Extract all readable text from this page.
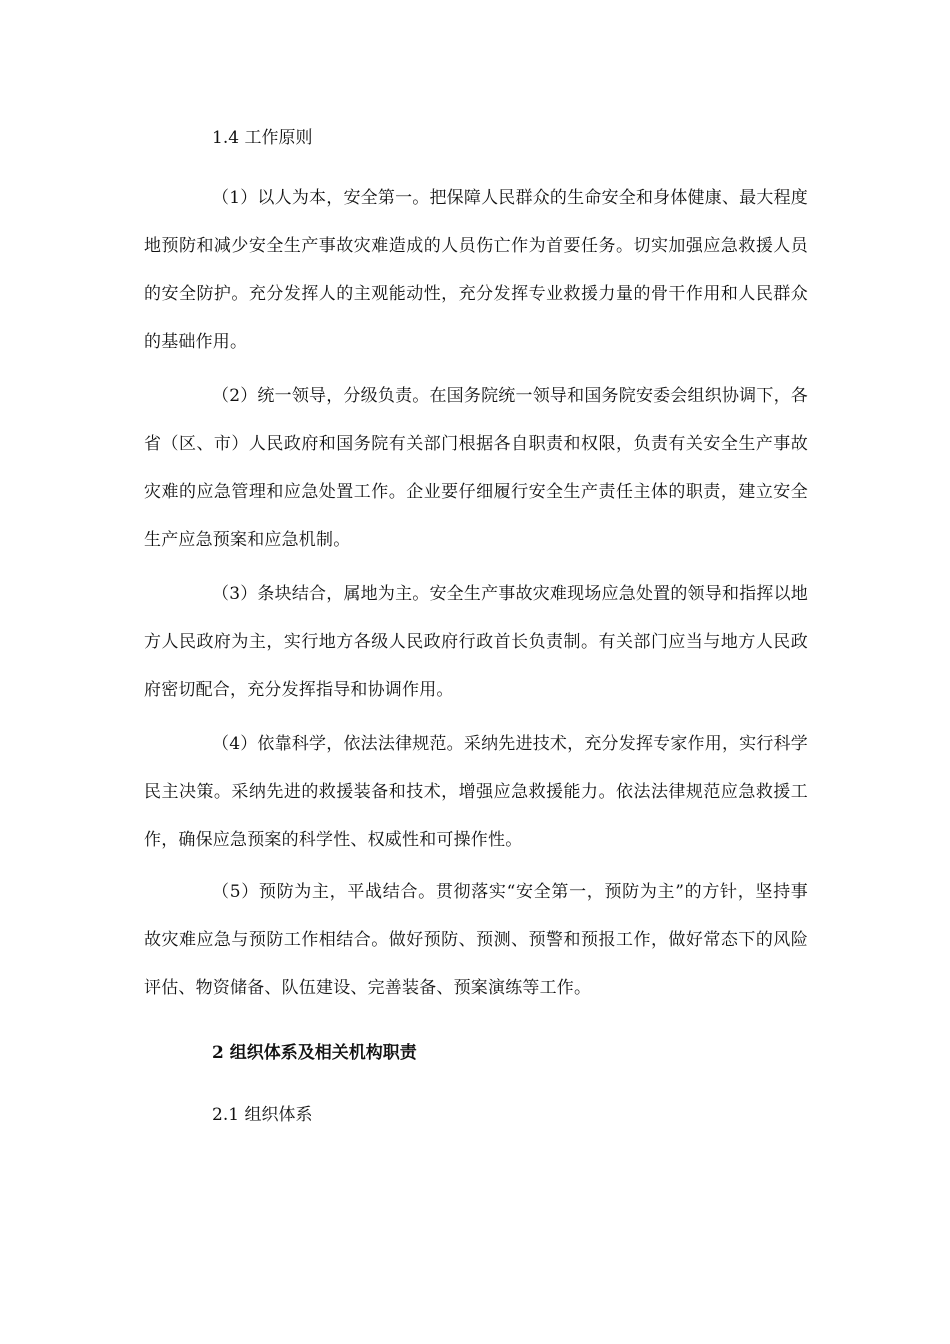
1.4 工作原则
（1）以人为本，安全第一。把保障人民群众的生命安全和身体健康、最大程度地预防和减少安全生产事故灾难造成的人员伤亡作为首要任务。切实加强应急救援人员的安全防护。充分发挥人的主观能动性，充分发挥专业救援力量的骨干作用和人民群众的基础作用。
（2）统一领导，分级负责。在国务院统一领导和国务院安委会组织协调下，各省（区、市）人民政府和国务院有关部门根据各自职责和权限，负责有关安全生产事故灾难的应急管理和应急处置工作。企业要仔细履行安全生产责任主体的职责，建立安全生产应急预案和应急机制。
（3）条块结合，属地为主。安全生产事故灾难现场应急处置的领导和指挥以地方人民政府为主，实行地方各级人民政府行政首长负责制。有关部门应当与地方人民政府密切配合，充分发挥指导和协调作用。
（4）依靠科学，依法法律规范。采纳先进技术，充分发挥专家作用，实行科学民主决策。采纳先进的救援装备和技术，增强应急救援能力。依法法律规范应急救援工作，确保应急预案的科学性、权威性和可操作性。
（5）预防为主，平战结合。贯彻落实“安全第一，预防为主”的方针，坚持事故灾难应急与预防工作相结合。做好预防、预测、预警和预报工作，做好常态下的风险评估、物资储备、队伍建设、完善装备、预案演练等工作。
2 组织体系及相关机构职责
2.1 组织体系
